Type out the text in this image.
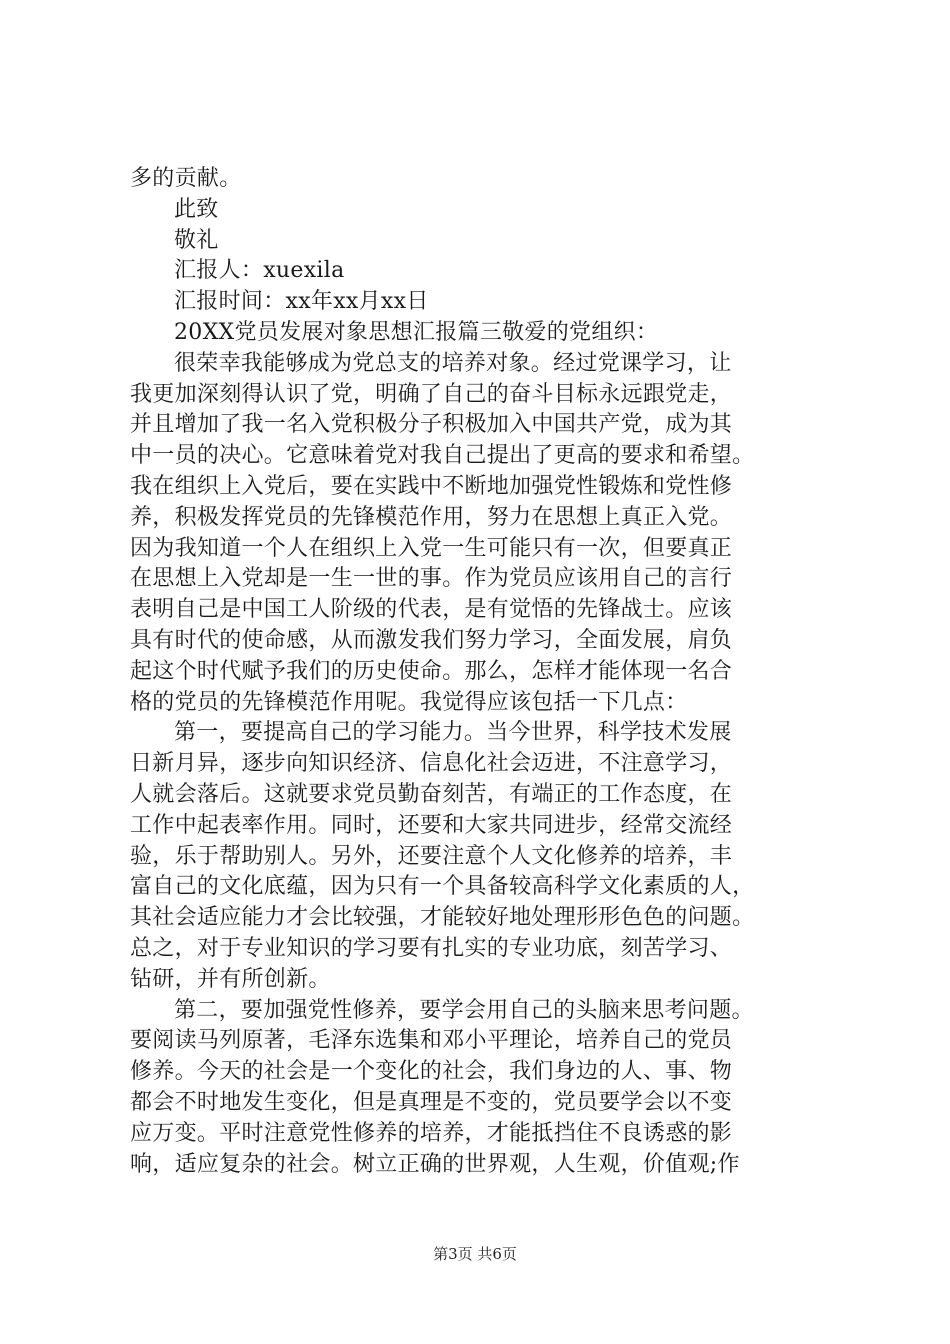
多的贡献。
此致
敬礼
汇报人：xuexila
汇报时间：xx年xx月xx日
20XX党员发展对象思想汇报篇三敬爱的党组织：
很荣幸我能够成为党总支的培养对象。经过党课学习，让
我更加深刻得认识了党，明确了自己的奋斗目标永远跟党走，
并且增加了我一名入党积极分子积极加入中国共产党，成为其
中一员的决心。它意味着党对我自己提出了更高的要求和希望。
我在组织上入党后，要在实践中不断地加强党性锻炼和党性修
养，积极发挥党员的先锋模范作用，努力在思想上真正入党。
因为我知道一个人在组织上入党一生可能只有一次，但要真正
在思想上入党却是一生一世的事。作为党员应该用自己的言行
表明自己是中国工人阶级的代表，是有觉悟的先锋战士。应该
具有时代的使命感，从而激发我们努力学习，全面发展，肩负
起这个时代赋予我们的历史使命。那么，怎样才能体现一名合
格的党员的先锋模范作用呢。我觉得应该包括一下几点：
第一，要提高自己的学习能力。当今世界，科学技术发展
日新月异，逐步向知识经济、信息化社会迈进，不注意学习，
人就会落后。这就要求党员勤奋刻苦，有端正的工作态度，在
工作中起表率作用。同时，还要和大家共同进步，经常交流经
验，乐于帮助别人。另外，还要注意个人文化修养的培养，丰
富自己的文化底蕴，因为只有一个具备较高科学文化素质的人，
其社会适应能力才会比较强，才能较好地处理形形色色的问题。
总之，对于专业知识的学习要有扎实的专业功底，刻苦学习、
钻研，并有所创新。
第二，要加强党性修养，要学会用自己的头脑来思考问题。
要阅读马列原著，毛泽东选集和邓小平理论，培养自己的党员
修养。今天的社会是一个变化的社会，我们身边的人、事、物
都会不时地发生变化，但是真理是不变的，党员要学会以不变
应万变。平时注意党性修养的培养，才能抵挡住不良诱惑的影
响，适应复杂的社会。树立正确的世界观，人生观，价值观;作
第3页 共6页
